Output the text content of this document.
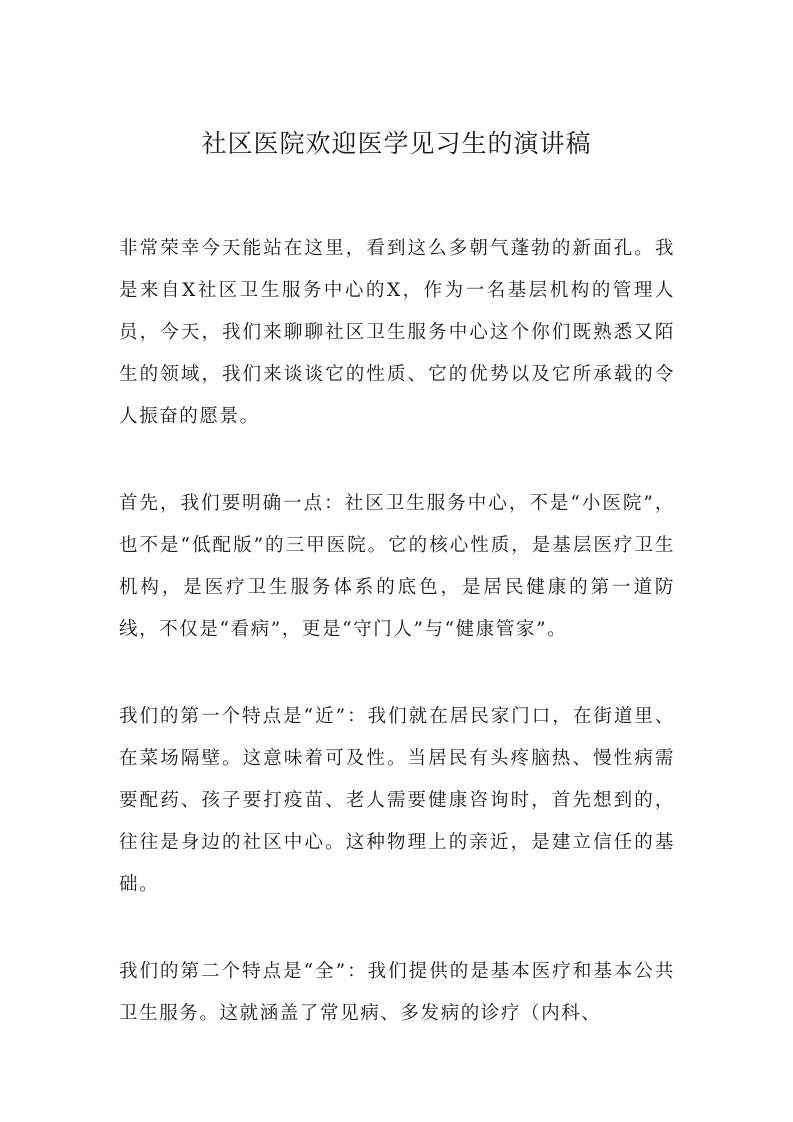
社区医院欢迎医学见习生的演讲稿

非常荣幸今天能站在这里，看到这么多朝气蓬勃的新面孔。我是来自X社区卫生服务中心的X，作为一名基层机构的管理人员，今天，我们来聊聊社区卫生服务中心这个你们既熟悉又陌生的领域，我们来谈谈它的性质、它的优势以及它所承载的令人振奋的愿景。

首先，我们要明确一点：社区卫生服务中心，不是“小医院”，也不是“低配版”的三甲医院。它的核心性质，是基层医疗卫生机构，是医疗卫生服务体系的底色，是居民健康的第一道防线，不仅是“看病”，更是“守门人”与“健康管家”。

我们的第一个特点是“近”：我们就在居民家门口，在街道里、在菜场隔壁。这意味着可及性。当居民有头疼脑热、慢性病需要配药、孩子要打疫苗、老人需要健康咨询时，首先想到的，往往是身边的社区中心。这种物理上的亲近，是建立信任的基础。

我们的第二个特点是“全”：我们提供的是基本医疗和基本公共卫生服务。这就涵盖了常见病、多发病的诊疗（内科、
